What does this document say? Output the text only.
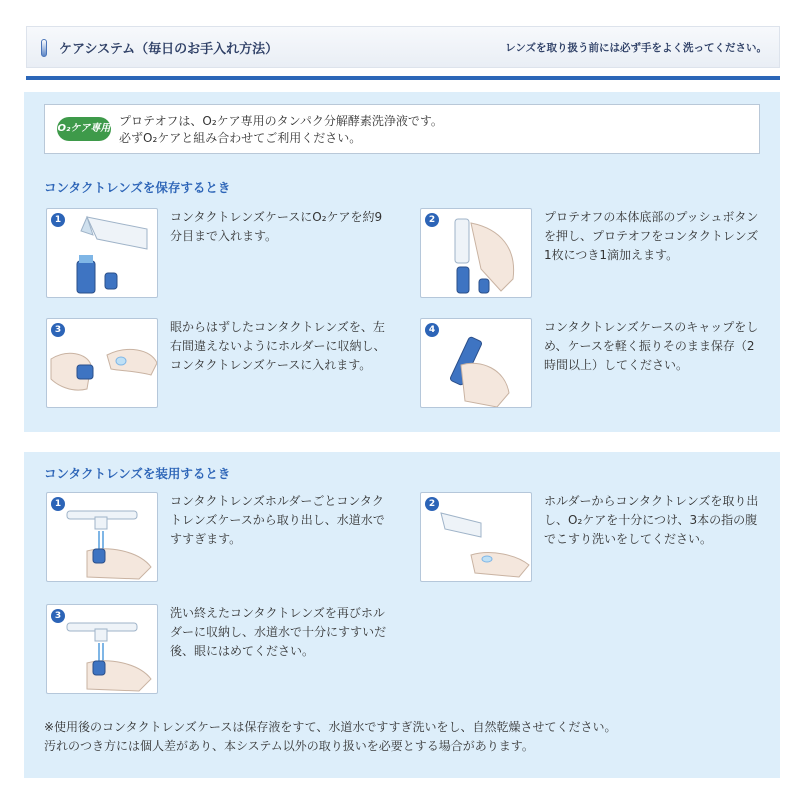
ケアシステム（毎日のお手入れ方法）	レンズを取り扱う前には必ず手をよく洗ってください。
O₂ケア専用
プロテオフは、O₂ケア専用のタンパク分解酵素洗浄液です。
必ずO₂ケアと組み合わせてご利用ください。
コンタクトレンズを保存するとき
1	コンタクトレンズケースにO₂ケアを約9分目まで入れます。
2	プロテオフの本体底部のプッシュボタンを押し、プロテオフをコンタクトレンズ1枚につき1滴加えます。
3	眼からはずしたコンタクトレンズを、左右間違えないようにホルダーに収納し、コンタクトレンズケースに入れます。
4	コンタクトレンズケースのキャップをしめ、ケースを軽く振りそのまま保存（2時間以上）してください。
コンタクトレンズを装用するとき
1	コンタクトレンズホルダーごとコンタクトレンズケースから取り出し、水道水ですすぎます。
2	ホルダーからコンタクトレンズを取り出し、O₂ケアを十分につけ、3本の指の腹でこすり洗いをしてください。
3	洗い終えたコンタクトレンズを再びホルダーに収納し、水道水で十分にすすいだ後、眼にはめてください。
※使用後のコンタクトレンズケースは保存液をすて、水道水ですすぎ洗いをし、自然乾燥させてください。
汚れのつき方には個人差があり、本システム以外の取り扱いを必要とする場合があります。
